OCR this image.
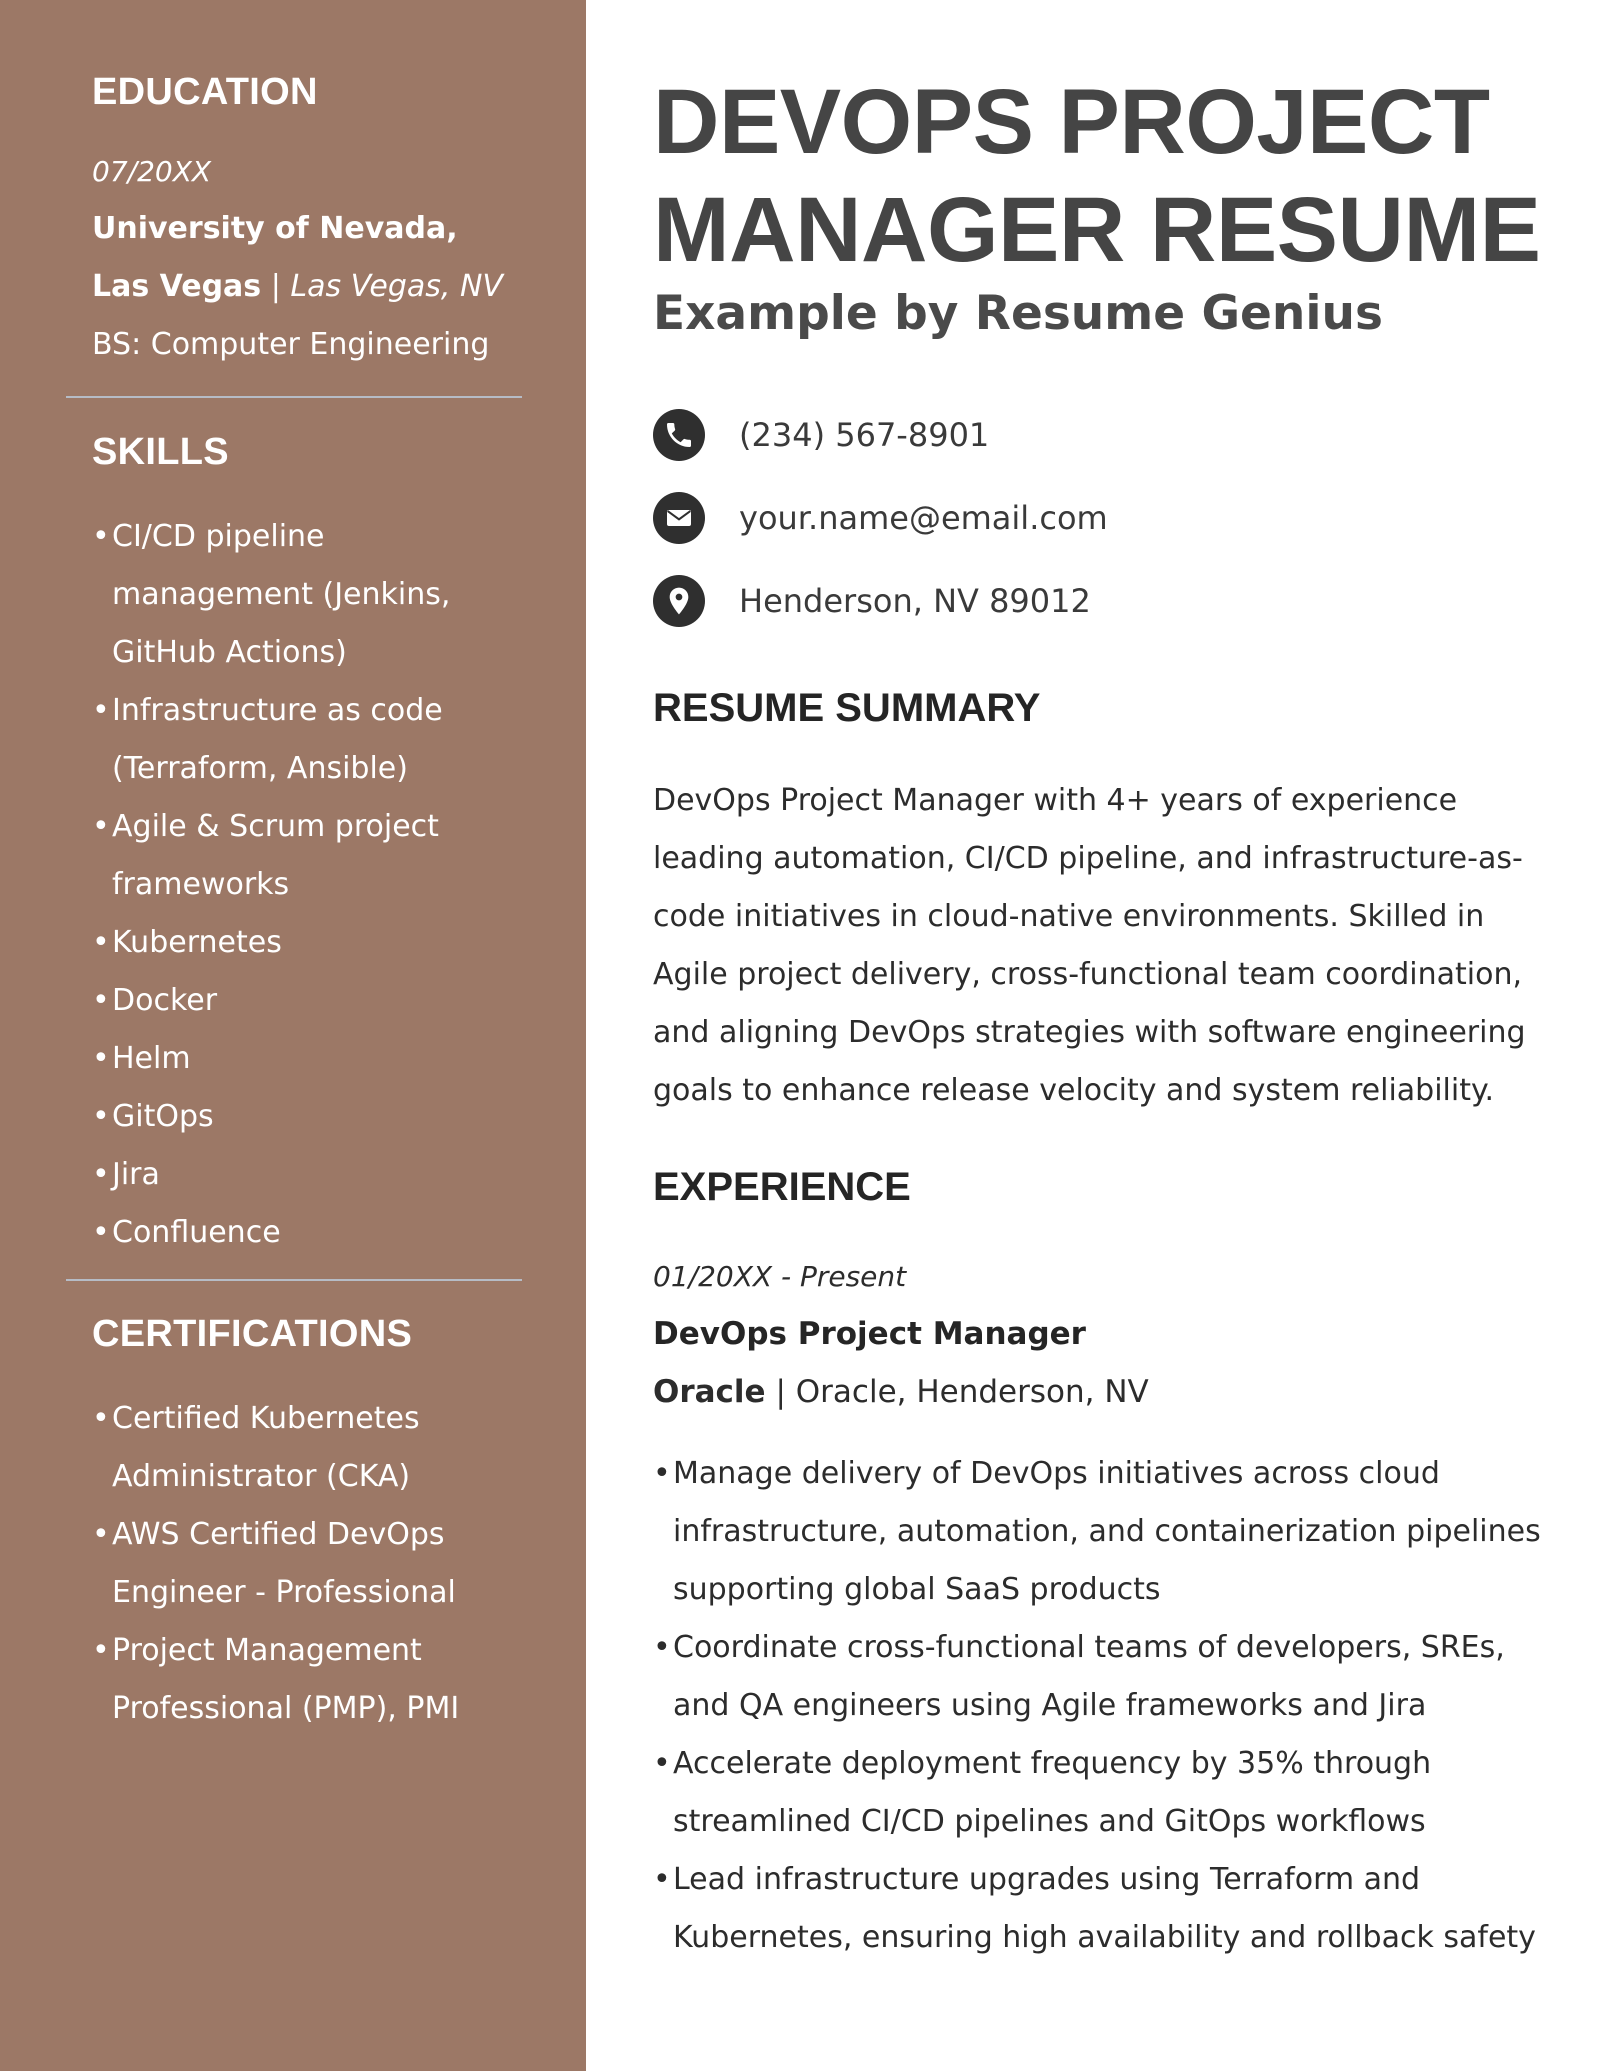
EDUCATION
07/20XX
University of Nevada, Las Vegas | Las Vegas, NV
BS: Computer Engineering
SKILLS
• CI/CD pipeline management (Jenkins, GitHub Actions)
• Infrastructure as code (Terraform, Ansible)
• Agile & Scrum project frameworks
• Kubernetes
• Docker
• Helm
• GitOps
• Jira
• Confluence
CERTIFICATIONS
• Certified Kubernetes Administrator (CKA)
• AWS Certified DevOps Engineer - Professional
• Project Management Professional (PMP), PMI
DEVOPS PROJECT
MANAGER RESUME
Example by Resume Genius
(234) 567-8901
your.name@email.com
Henderson, NV 89012
RESUME SUMMARY

DevOps Project Manager with 4+ years of experience leading automation, CI/CD pipeline, and infrastructure-as-code initiatives in cloud-native environments. Skilled in Agile project delivery, cross-functional team coordination, and aligning DevOps strategies with software engineering goals to enhance release velocity and system reliability.

EXPERIENCE
01/20XX - Present
DevOps Project Manager
Oracle | Oracle, Henderson, NV
• Manage delivery of DevOps initiatives across cloud infrastructure, automation, and containerization pipelines supporting global SaaS products
• Coordinate cross-functional teams of developers, SREs, and QA engineers using Agile frameworks and Jira
• Accelerate deployment frequency by 35% through streamlined CI/CD pipelines and GitOps workflows
• Lead infrastructure upgrades using Terraform and Kubernetes, ensuring high availability and rollback safety
